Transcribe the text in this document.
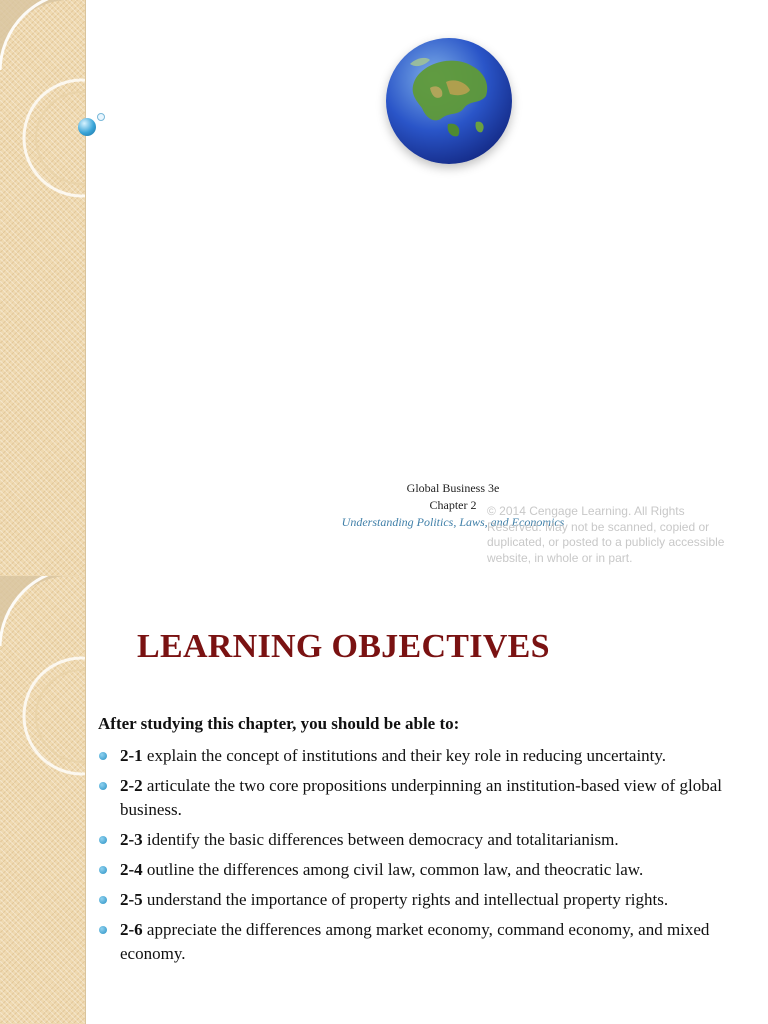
Global Business 3e
Chapter 2
Understanding Politics, Laws, and Economics
© 2014 Cengage Learning. All Rights Reserved. May not be scanned, copied or duplicated, or posted to a publicly accessible website, in whole or in part.
LEARNING OBJECTIVES
After studying this chapter, you should be able to:
2-1 explain the concept of institutions and their key role in reducing uncertainty.
2-2 articulate the two core propositions underpinning an institution-based view of global business.
2-3 identify the basic differences between democracy and totalitarianism.
2-4 outline the differences among civil law, common law, and theocratic law.
2-5 understand the importance of property rights and intellectual property rights.
2-6 appreciate the differences among market economy, command economy, and mixed economy.
